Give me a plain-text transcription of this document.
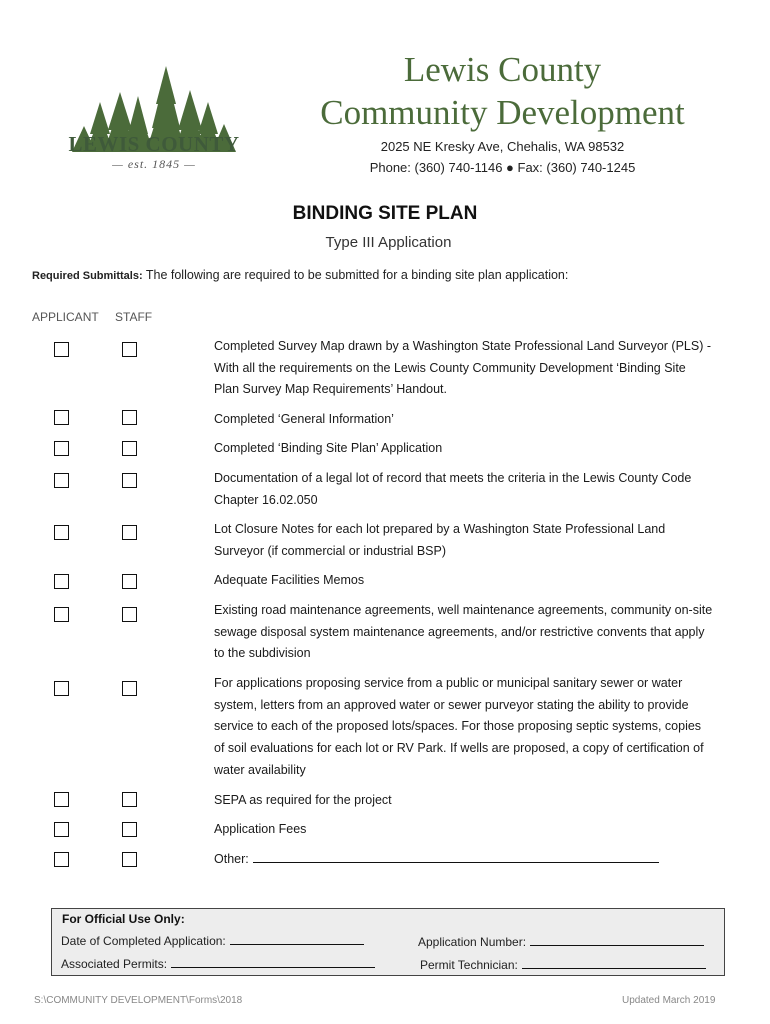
LEWIS COUNTY
— est. 1845 —
Lewis County
Community Development
2025 NE Kresky Ave, Chehalis, WA 98532
Phone: (360) 740-1146 ● Fax: (360) 740-1245
BINDING SITE PLAN
Type III Application
Required Submittals: The following are required to be submitted for a binding site plan application:
APPLICANT STAFF
Completed Survey Map drawn by a Washington State Professional Land Surveyor (PLS) - With all the requirements on the Lewis County Community Development ‘Binding Site Plan Survey Map Requirements’ Handout.
Completed ‘General Information’
Completed ‘Binding Site Plan’ Application
Documentation of a legal lot of record that meets the criteria in the Lewis County Code Chapter 16.02.050
Lot Closure Notes for each lot prepared by a Washington State Professional Land Surveyor (if commercial or industrial BSP)
Adequate Facilities Memos
Existing road maintenance agreements, well maintenance agreements, community on-site sewage disposal system maintenance agreements, and/or restrictive convents that apply to the subdivision
For applications proposing service from a public or municipal sanitary sewer or water system, letters from an approved water or sewer purveyor stating the ability to provide service to each of the proposed lots/spaces. For those proposing septic systems, copies of soil evaluations for each lot or RV Park. If wells are proposed, a copy of certification of water availability
SEPA as required for the project
Application Fees
Other:
For Official Use Only:
Date of Completed Application:	Application Number:
Associated Permits:	Permit Technician:
S:\COMMUNITY DEVELOPMENT\Forms\2018	Updated March 2019
